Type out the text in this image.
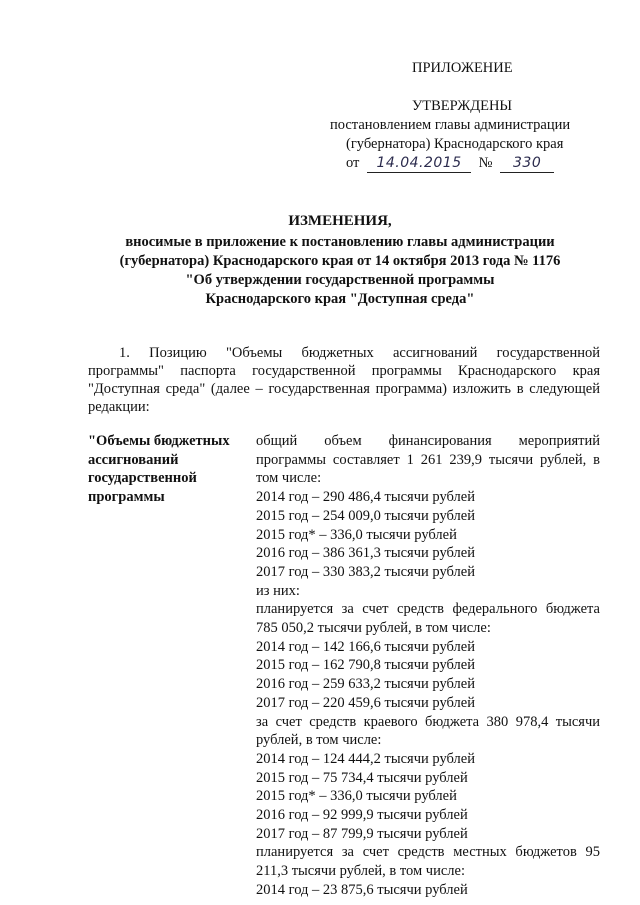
ПРИЛОЖЕНИЕ
УТВЕРЖДЕНЫ
постановлением главы администрации
(губернатора) Краснодарского края
от 14.04.2015 № 330
ИЗМЕНЕНИЯ,
вносимые в приложение к постановлению главы администрации
(губернатора) Краснодарского края от 14 октября 2013 года № 1176
"Об утверждении государственной программы
Краснодарского края "Доступная среда"
1. Позицию "Объемы бюджетных ассигнований государственной программы" паспорта государственной программы Краснодарского края "Доступная среда" (далее – государственная программа) изложить в следующей редакции:
"Объемы бюджетных ассигнований государственной программы
общий объем финансирования мероприятий программы составляет 1 261 239,9 тысячи рублей, в том числе:
2014 год – 290 486,4 тысячи рублей
2015 год – 254 009,0 тысячи рублей
2015 год* – 336,0 тысячи рублей
2016 год – 386 361,3 тысячи рублей
2017 год – 330 383,2 тысячи рублей
из них:
планируется за счет средств федерального бюджета 785 050,2 тысячи рублей, в том числе:
2014 год – 142 166,6 тысячи рублей
2015 год – 162 790,8 тысячи рублей
2016 год – 259 633,2 тысячи рублей
2017 год – 220 459,6 тысячи рублей
за счет средств краевого бюджета 380 978,4 тысячи рублей, в том числе:
2014 год – 124 444,2 тысячи рублей
2015 год – 75 734,4 тысячи рублей
2015 год* – 336,0 тысячи рублей
2016 год – 92 999,9 тысячи рублей
2017 год – 87 799,9 тысячи рублей
планируется за счет средств местных бюджетов 95 211,3 тысячи рублей, в том числе:
2014 год – 23 875,6 тысячи рублей
